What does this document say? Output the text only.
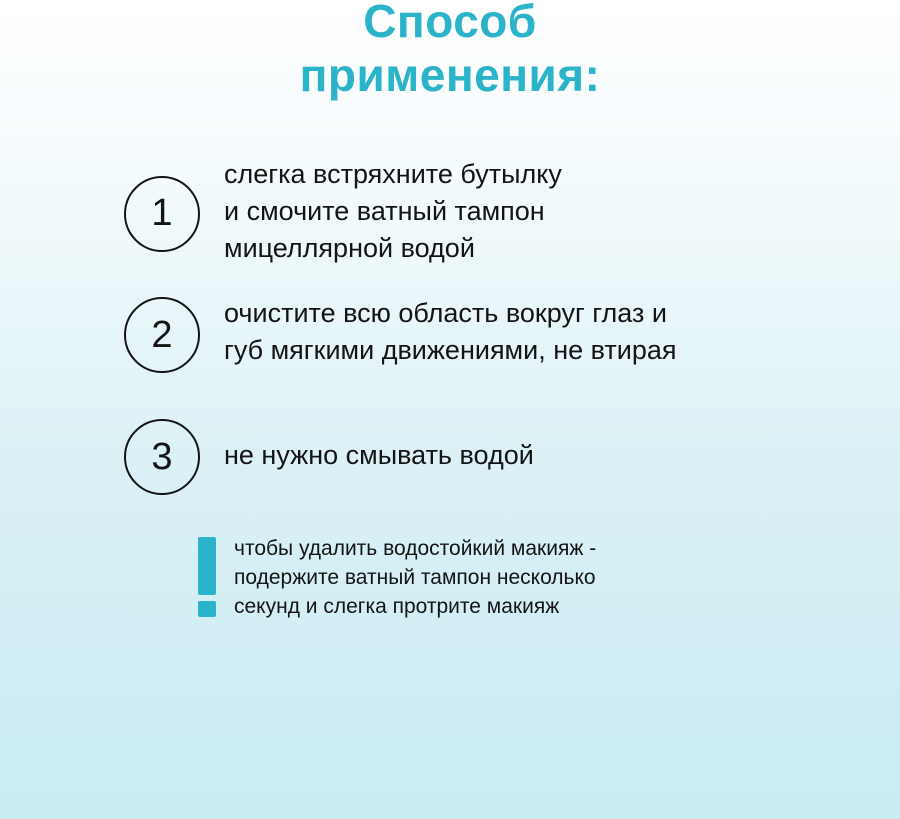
Способ
применения:
1
слегка встряхните бутылку
и смочите ватный тампон
мицеллярной водой
2
очистите всю область вокруг глаз и
губ мягкими движениями, не втирая
3 не нужно смывать водой
чтобы удалить водостойкий макияж -
подержите ватный тампон несколько
секунд и слегка протрите макияж
